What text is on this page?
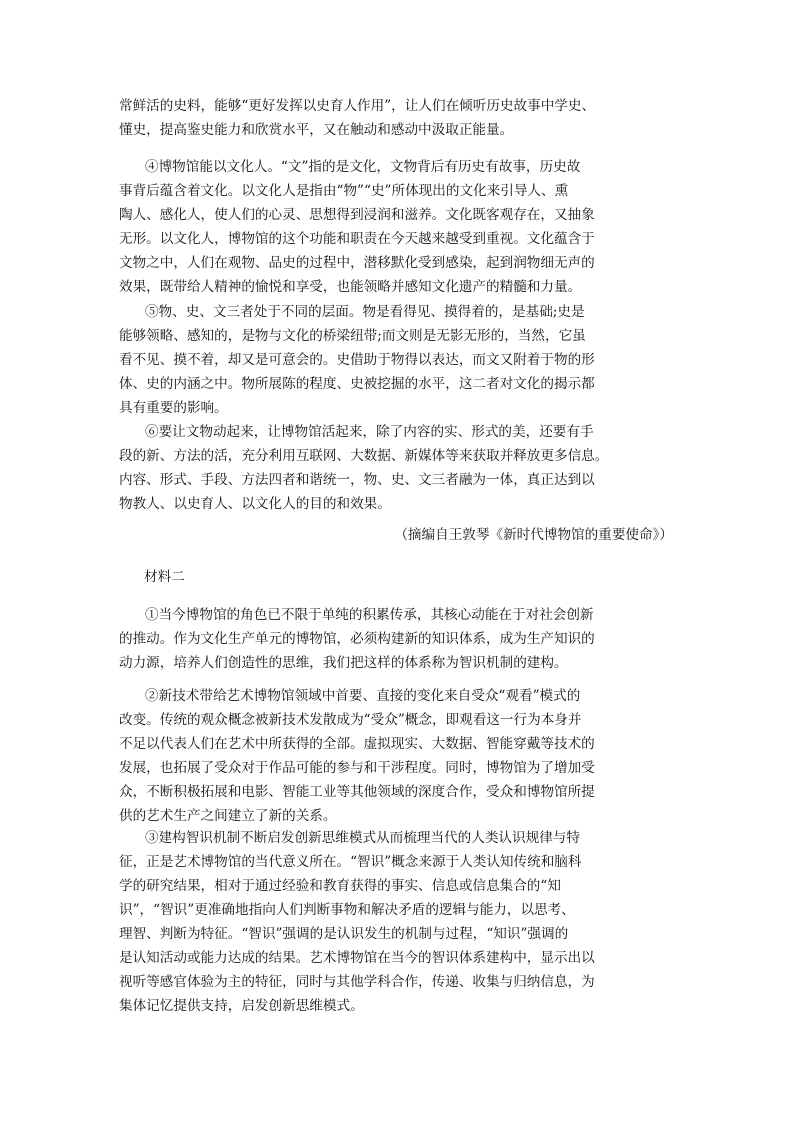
常鲜活的史料，能够“更好发挥以史育人作用”，让人们在倾听历史故事中学史、
懂史，提高鉴史能力和欣赏水平，又在触动和感动中汲取正能量。
④博物馆能以文化人。“文”指的是文化，文物背后有历史有故事，历史故
事背后蕴含着文化。以文化人是指由“物”“史”所体现出的文化来引导人、熏
陶人、感化人，使人们的心灵、思想得到浸润和滋养。文化既客观存在，又抽象
无形。以文化人，博物馆的这个功能和职责在今天越来越受到重视。文化蕴含于
文物之中，人们在观物、品史的过程中，潜移默化受到感染，起到润物细无声的
效果，既带给人精神的愉悦和享受，也能领略并感知文化遗产的精髓和力量。
⑤物、史、文三者处于不同的层面。物是看得见、摸得着的，是基础;史是
能够领略、感知的，是物与文化的桥梁纽带;而文则是无影无形的，当然，它虽
看不见、摸不着，却又是可意会的。史借助于物得以表达，而文又附着于物的形
体、史的内涵之中。物所展陈的程度、史被挖掘的水平，这二者对文化的揭示都
具有重要的影响。
⑥要让文物动起来，让博物馆活起来，除了内容的实、形式的美，还要有手
段的新、方法的活，充分利用互联网、大数据、新媒体等来获取并释放更多信息。
内容、形式、手段、方法四者和谐统一，物、史、文三者融为一体，真正达到以
物教人、以史育人、以文化人的目的和效果。
（摘编自王敦琴《新时代博物馆的重要使命》）
材料二
①当今博物馆的角色已不限于单纯的积累传承，其核心动能在于对社会创新
的推动。作为文化生产单元的博物馆，必须构建新的知识体系，成为生产知识的
动力源，培养人们创造性的思维，我们把这样的体系称为智识机制的建构。
②新技术带给艺术博物馆领域中首要、直接的变化来自受众“观看”模式的
改变。传统的观众概念被新技术发散成为“受众”概念，即观看这一行为本身并
不足以代表人们在艺术中所获得的全部。虚拟现实、大数据、智能穿戴等技术的
发展，也拓展了受众对于作品可能的参与和干涉程度。同时，博物馆为了增加受
众，不断积极拓展和电影、智能工业等其他领域的深度合作，受众和博物馆所提
供的艺术生产之间建立了新的关系。
③建构智识机制不断启发创新思维模式从而梳理当代的人类认识规律与特
征，正是艺术博物馆的当代意义所在。“智识”概念来源于人类认知传统和脑科
学的研究结果，相对于通过经验和教育获得的事实、信息或信息集合的“知
识”，“智识”更准确地指向人们判断事物和解决矛盾的逻辑与能力，以思考、
理智、判断为特征。“智识”强调的是认识发生的机制与过程，“知识”强调的
是认知活动或能力达成的结果。艺术博物馆在当今的智识体系建构中，显示出以
视听等感官体验为主的特征，同时与其他学科合作，传递、收集与归纳信息，为
集体记忆提供支持，启发创新思维模式。
